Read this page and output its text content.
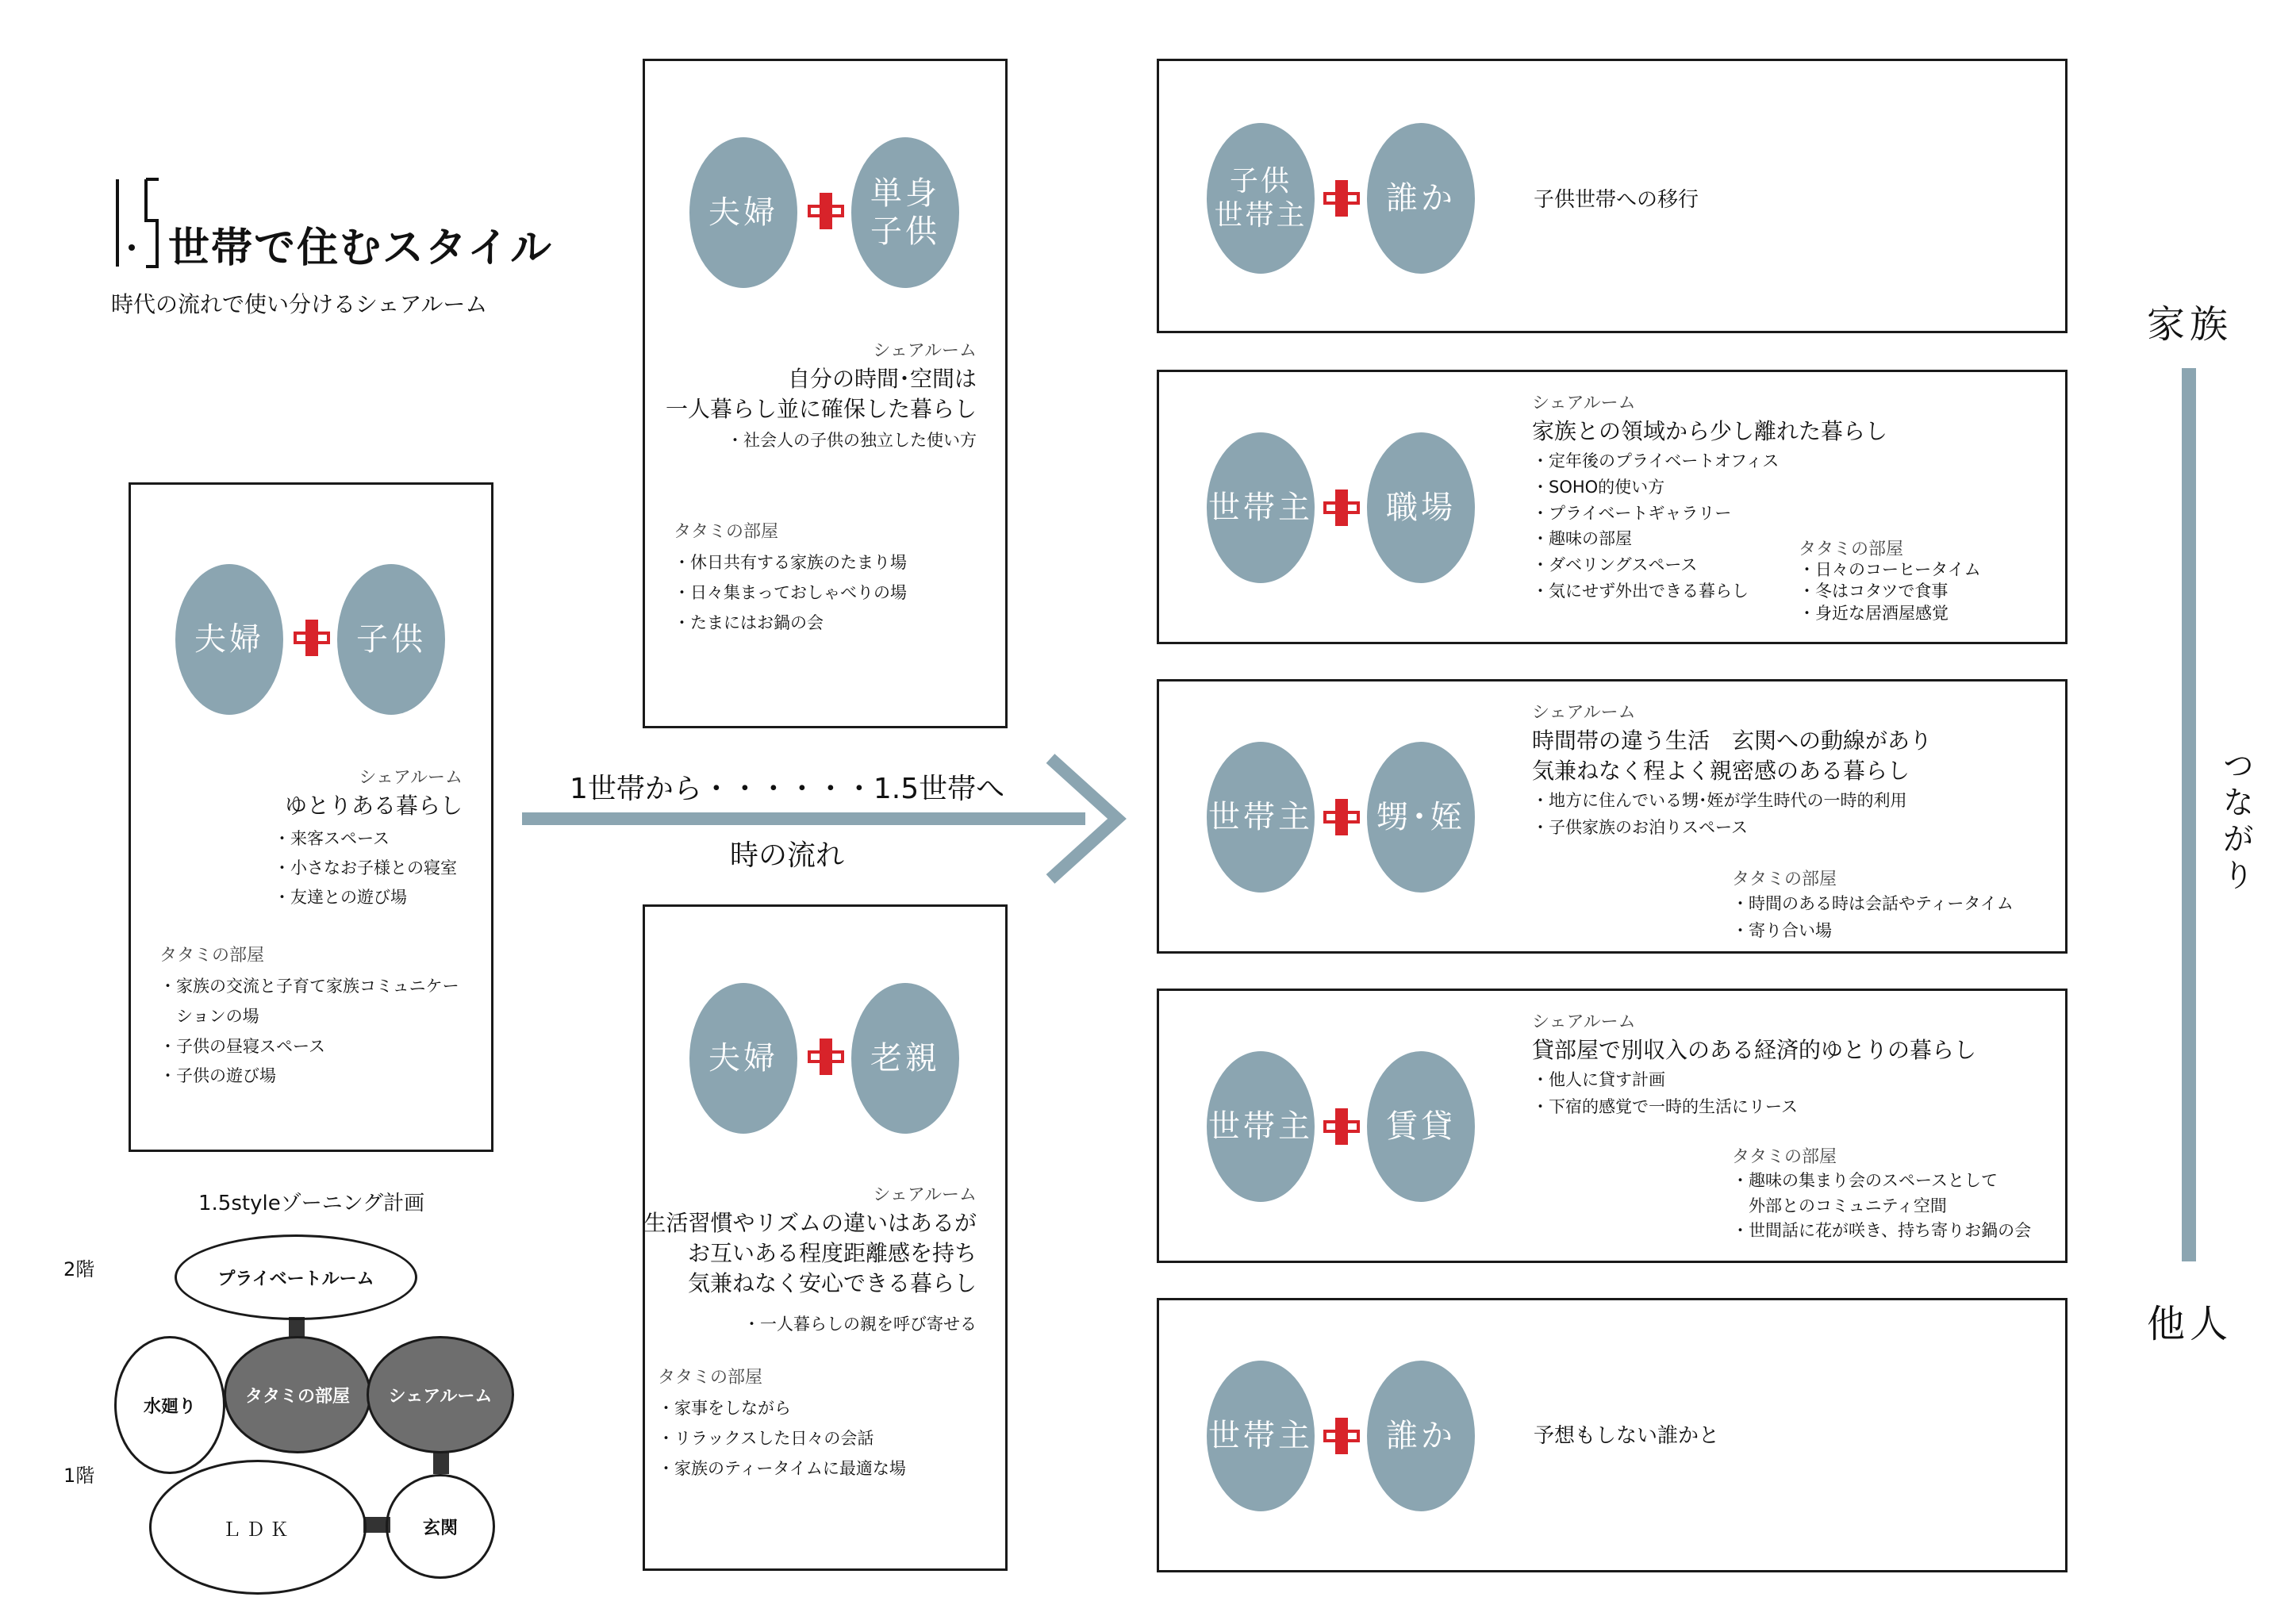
世帯で住むスタイル
時代の流れで使い分けるシェアルーム
夫婦	子供
シェアルーム
ゆとりある暮らし
・ 来客スペース
・ 小さなお子様との寝室
・ 友達との遊び場
タタミの部屋
・ 家族の交流と子育て家族コミュニケー
ションの場
・ 子供の昼寝スペース
・ 子供の遊び場
夫婦
単身
子供
シェアルーム
自分の時間･空間は
一人暮らし並に確保した暮らし
・ 社会人の子供の独立した使い方
タタミの部屋
・ 休日共有する家族のたまり場
・ 日々集まっておしゃべりの場
・ たまにはお鍋の会
1世帯から・・・・・・1.5世帯へ
時の流れ
夫婦	老親
シェアルーム
生活習慣やリズムの違いはあるが
お互いある程度距離感を持ち
気兼ねなく安心できる暮らし
・ 一人暮らしの親を呼び寄せる
タタミの部屋
・ 家事をしながら
・ リラックスした日々の会話
・ 家族のティータイムに最適な場
子供
世帯主	誰か	子供世帯への移行
世帯主	職場
シェアルーム
家族との領域から少し離れた暮らし
・ 定年後のプライベートオフィス
・ SOHO的使い方
・ プライベートギャラリー
・ 趣味の部屋
・ ダベリングスペース
・ 気にせず外出できる暮らし
タタミの部屋
・ 日々のコーヒータイム
・ 冬はコタツで食事
・ 身近な居酒屋感覚
世帯主	甥･姪
シェアルーム
時間帯の違う生活　玄関への動線があり
気兼ねなく程よく親密感のある暮らし
・ 地方に住んでいる甥･姪が学生時代の一時的利用
・ 子供家族のお泊りスペース
タタミの部屋
・ 時間のある時は会話やティータイム
・ 寄り合い場
世帯主	賃貸
シェアルーム
貸部屋で別収入のある経済的ゆとりの暮らし
・ 他人に貸す計画
・ 下宿的感覚で一時的生活にリース
タタミの部屋
・ 趣味の集まり会のスペースとして
外部とのコミュニティ空間
・ 世間話に花が咲き、持ち寄りお鍋の会
世帯主	誰か	予想もしない誰かと
家族
つながり
他人
1.5styleゾーニング計画
2階
1階
プライベートルーム
水廻り
タタミの部屋	シェアルーム
ＬＤＫ	玄関
